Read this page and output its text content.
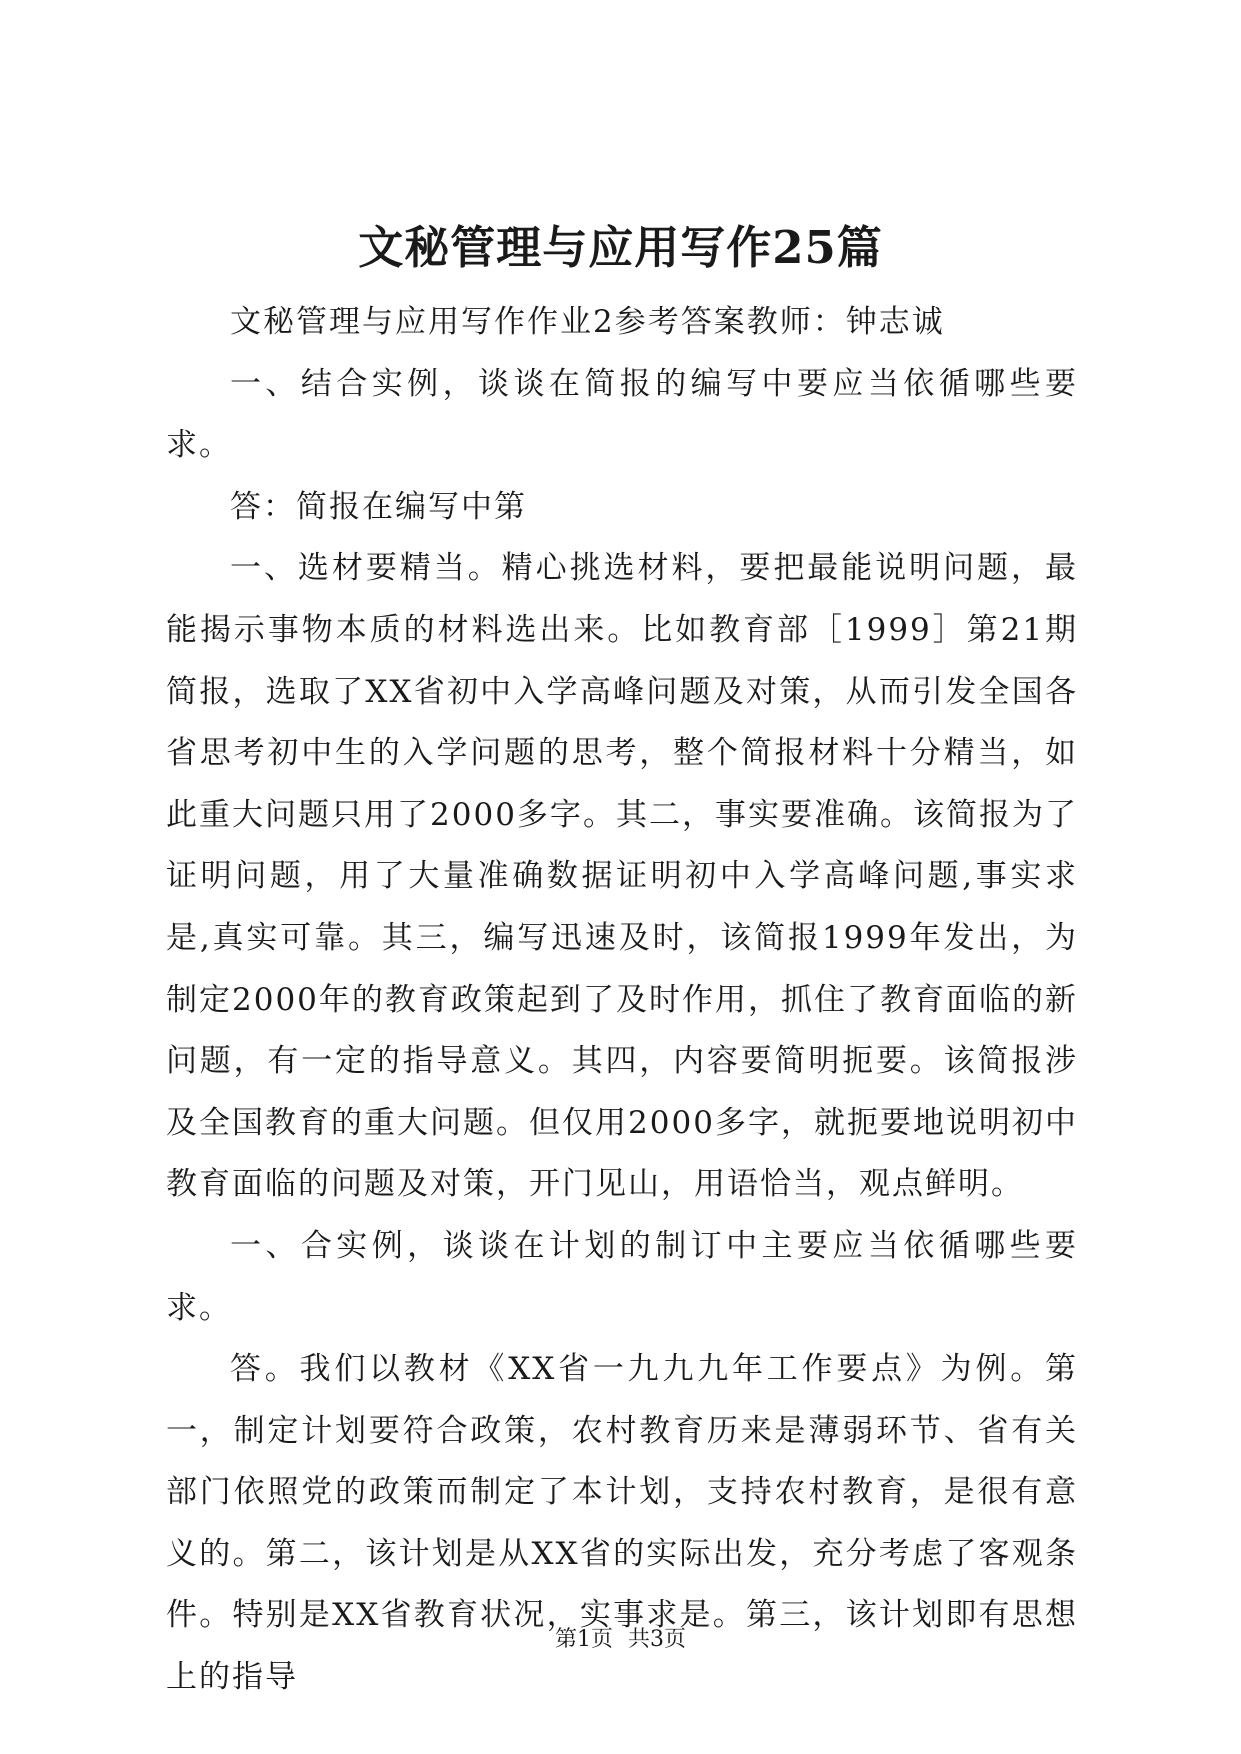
文秘管理与应用写作25篇

文秘管理与应用写作作业2参考答案教师：钟志诚

一、结合实例，谈谈在简报的编写中要应当依循哪些要求。

答：简报在编写中第

一、选材要精当。精心挑选材料，要把最能说明问题，最能揭示事物本质的材料选出来。比如教育部［1999］第21期简报，选取了XX省初中入学高峰问题及对策，从而引发全国各省思考初中生的入学问题的思考，整个简报材料十分精当，如此重大问题只用了2000多字。其二，事实要准确。该简报为了证明问题，用了大量准确数据证明初中入学高峰问题,事实求是,真实可靠。其三，编写迅速及时，该简报1999年发出，为制定2000年的教育政策起到了及时作用，抓住了教育面临的新问题，有一定的指导意义。其四，内容要简明扼要。该简报涉及全国教育的重大问题。但仅用2000多字，就扼要地说明初中教育面临的问题及对策，开门见山，用语恰当，观点鲜明。

一、合实例，谈谈在计划的制订中主要应当依循哪些要求。

答。我们以教材《XX省一九九九年工作要点》为例。第一，制定计划要符合政策，农村教育历来是薄弱环节、省有关部门依照党的政策而制定了本计划，支持农村教育，是很有意义的。第二，该计划是从XX省的实际出发，充分考虑了客观条件。特别是XX省教育状况，实事求是。第三，该计划即有思想上的指导

第1页 共3页
